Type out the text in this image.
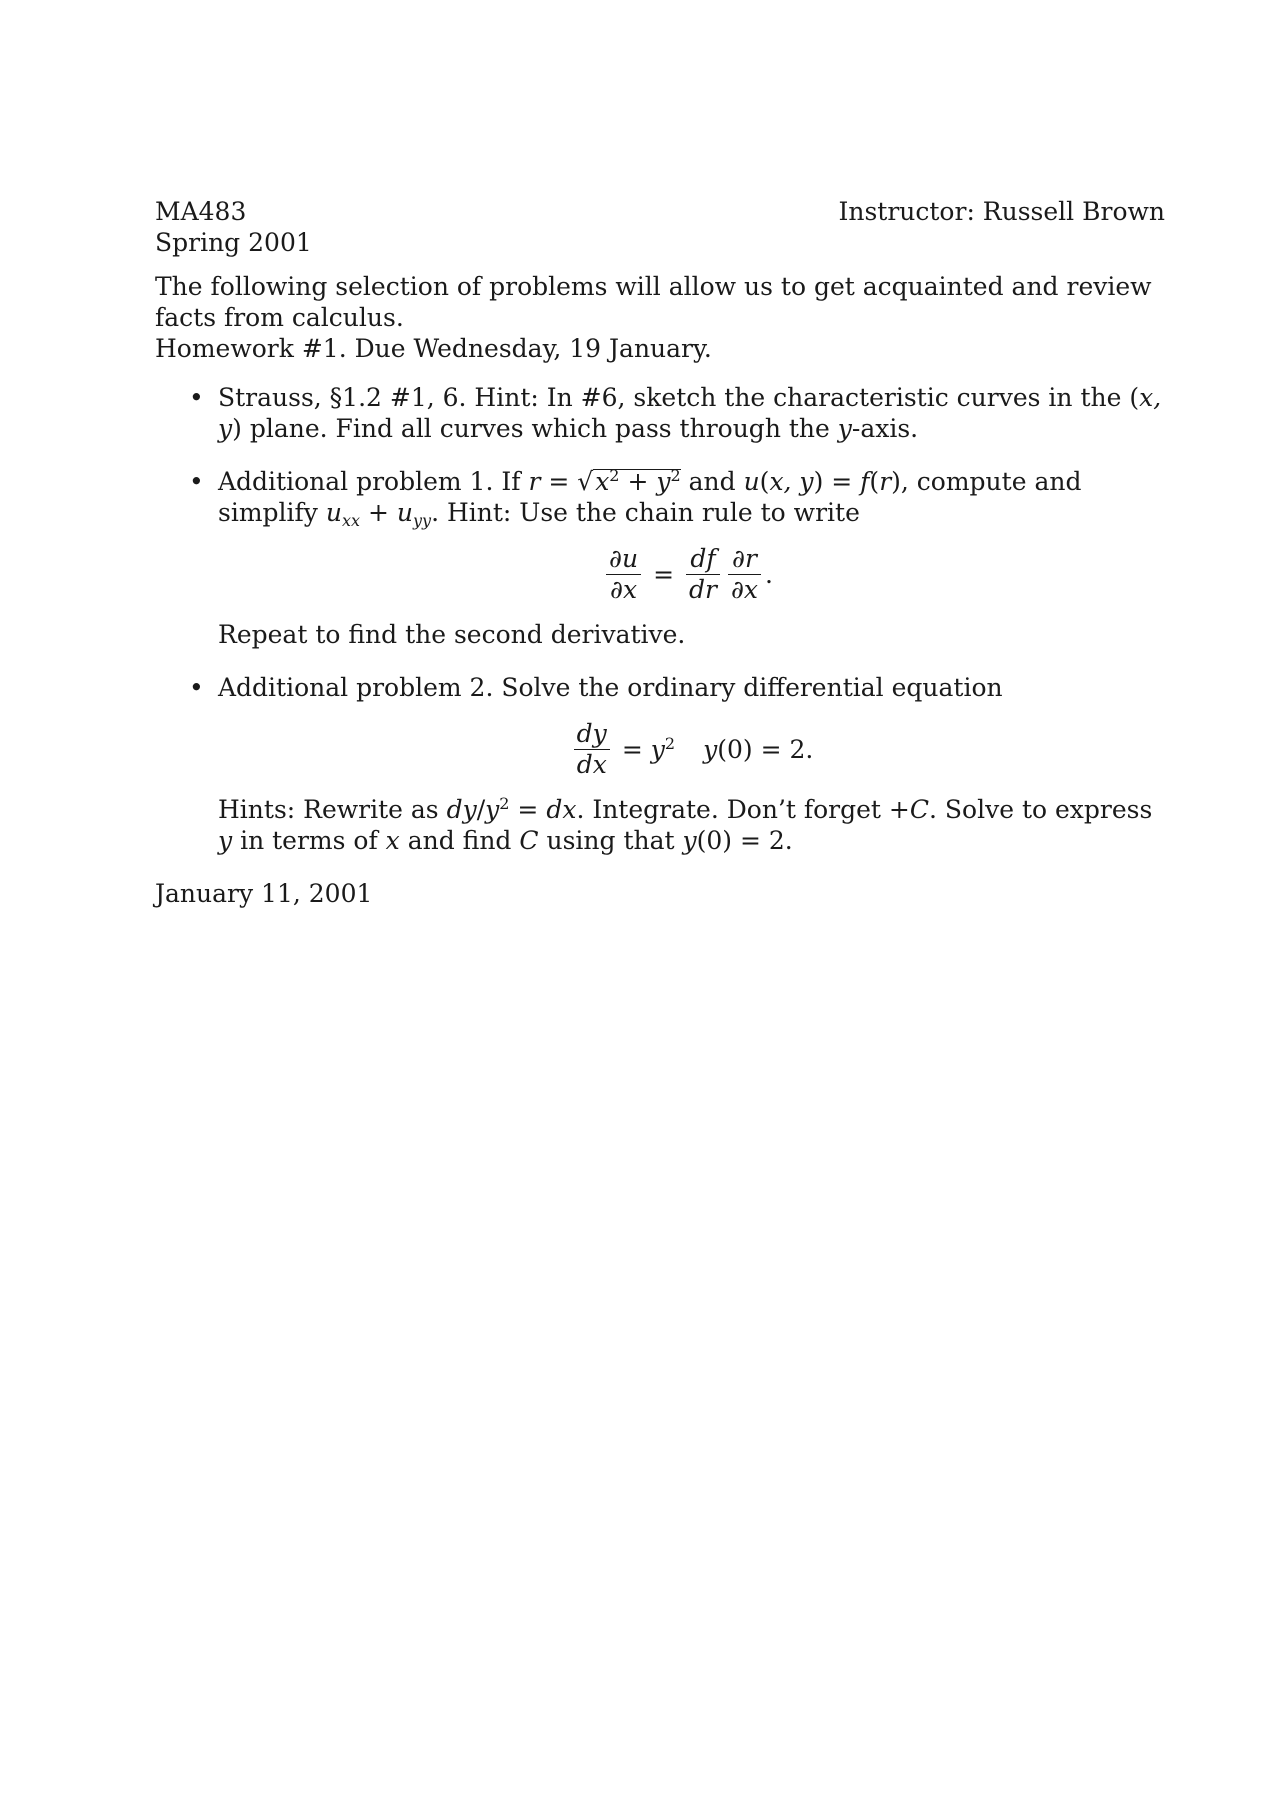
MA483	Instructor: Russell Brown
Spring 2001
The following selection of problems will allow us to get acquainted and review facts from calculus.
Homework #1. Due Wednesday, 19 January.
• Strauss, §1.2 #1, 6. Hint: In #6, sketch the characteristic curves in the (x, y) plane. Find all curves which pass through the y-axis.
• Additional problem 1. If $r = √x^2 + y^2$ and u(x, y) = f(r), compute and simplify $u_{xx} + u_{yy}$. Hint: Use the chain rule to write
$\frac{\partial u}{\partial x} = \frac{df}{dr} \frac{\partial r}{\partial x}$ .
Repeat to find the second derivative.
• Additional problem 2. Solve the ordinary differential equation
$\frac{dy}{dx} = y^2$ y(0) = 2.
Hints: Rewrite as $dy/y^2$ = dx. Integrate. Don’t forget +C. Solve to express y in terms of x and find C using that y(0) = 2.
January 11, 2001
